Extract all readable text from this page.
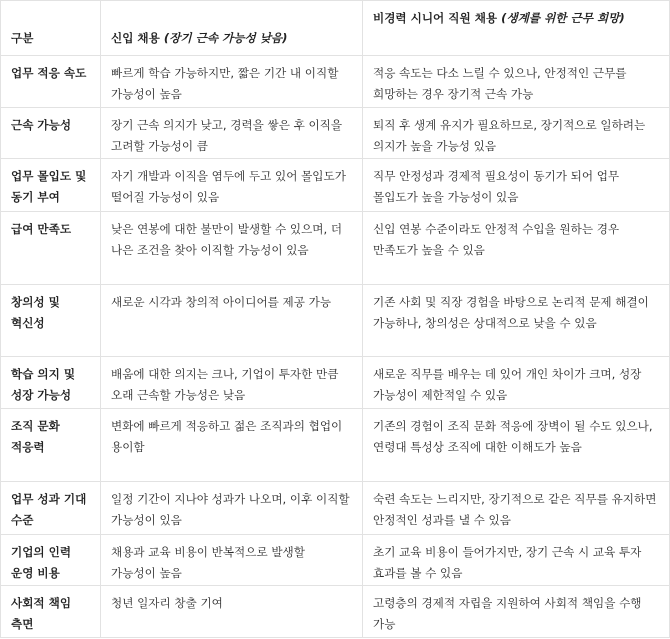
구분	신입 채용 (장기 근속 가능성 낮음)	비경력 시니어 직원 채용 (생계를 위한 근무 희망)
업무 적응 속도	빠르게 학습 가능하지만, 짧은 기간 내 이직할 가능성이 높음	적응 속도는 다소 느릴 수 있으나, 안정적인 근무를 희망하는 경우 장기적 근속 가능
근속 가능성	장기 근속 의지가 낮고, 경력을 쌓은 후 이직을 고려할 가능성이 큼	퇴직 후 생계 유지가 필요하므로, 장기적으로 일하려는 의지가 높을 가능성 있음
업무 몰입도 및 동기 부여	자기 개발과 이직을 염두에 두고 있어 몰입도가 떨어질 가능성이 있음	직무 안정성과 경제적 필요성이 동기가 되어 업무 몰입도가 높을 가능성이 있음
급여 만족도	낮은 연봉에 대한 불만이 발생할 수 있으며, 더 나은 조건을 찾아 이직할 가능성이 있음	신입 연봉 수준이라도 안정적 수입을 원하는 경우 만족도가 높을 수 있음
창의성 및 혁신성	새로운 시각과 창의적 아이디어를 제공 가능	기존 사회 및 직장 경험을 바탕으로 논리적 문제 해결이 가능하나, 창의성은 상대적으로 낮을 수 있음
학습 의지 및 성장 가능성	배움에 대한 의지는 크나, 기업이 투자한 만큼 오래 근속할 가능성은 낮음	새로운 직무를 배우는 데 있어 개인 차이가 크며, 성장 가능성이 제한적일 수 있음
조직 문화 적응력	변화에 빠르게 적응하고 젊은 조직과의 협업이 용이함	기존의 경험이 조직 문화 적응에 장벽이 될 수도 있으나, 연령대 특성상 조직에 대한 이해도가 높음
업무 성과 기대 수준	일정 기간이 지나야 성과가 나오며, 이후 이직할 가능성이 있음	숙련 속도는 느리지만, 장기적으로 같은 직무를 유지하면 안정적인 성과를 낼 수 있음
기업의 인력 운영 비용	채용과 교육 비용이 반복적으로 발생할 가능성이 높음	초기 교육 비용이 들어가지만, 장기 근속 시 교육 투자 효과를 볼 수 있음
사회적 책임 측면	청년 일자리 창출 기여	고령층의 경제적 자립을 지원하여 사회적 책임을 수행 가능
